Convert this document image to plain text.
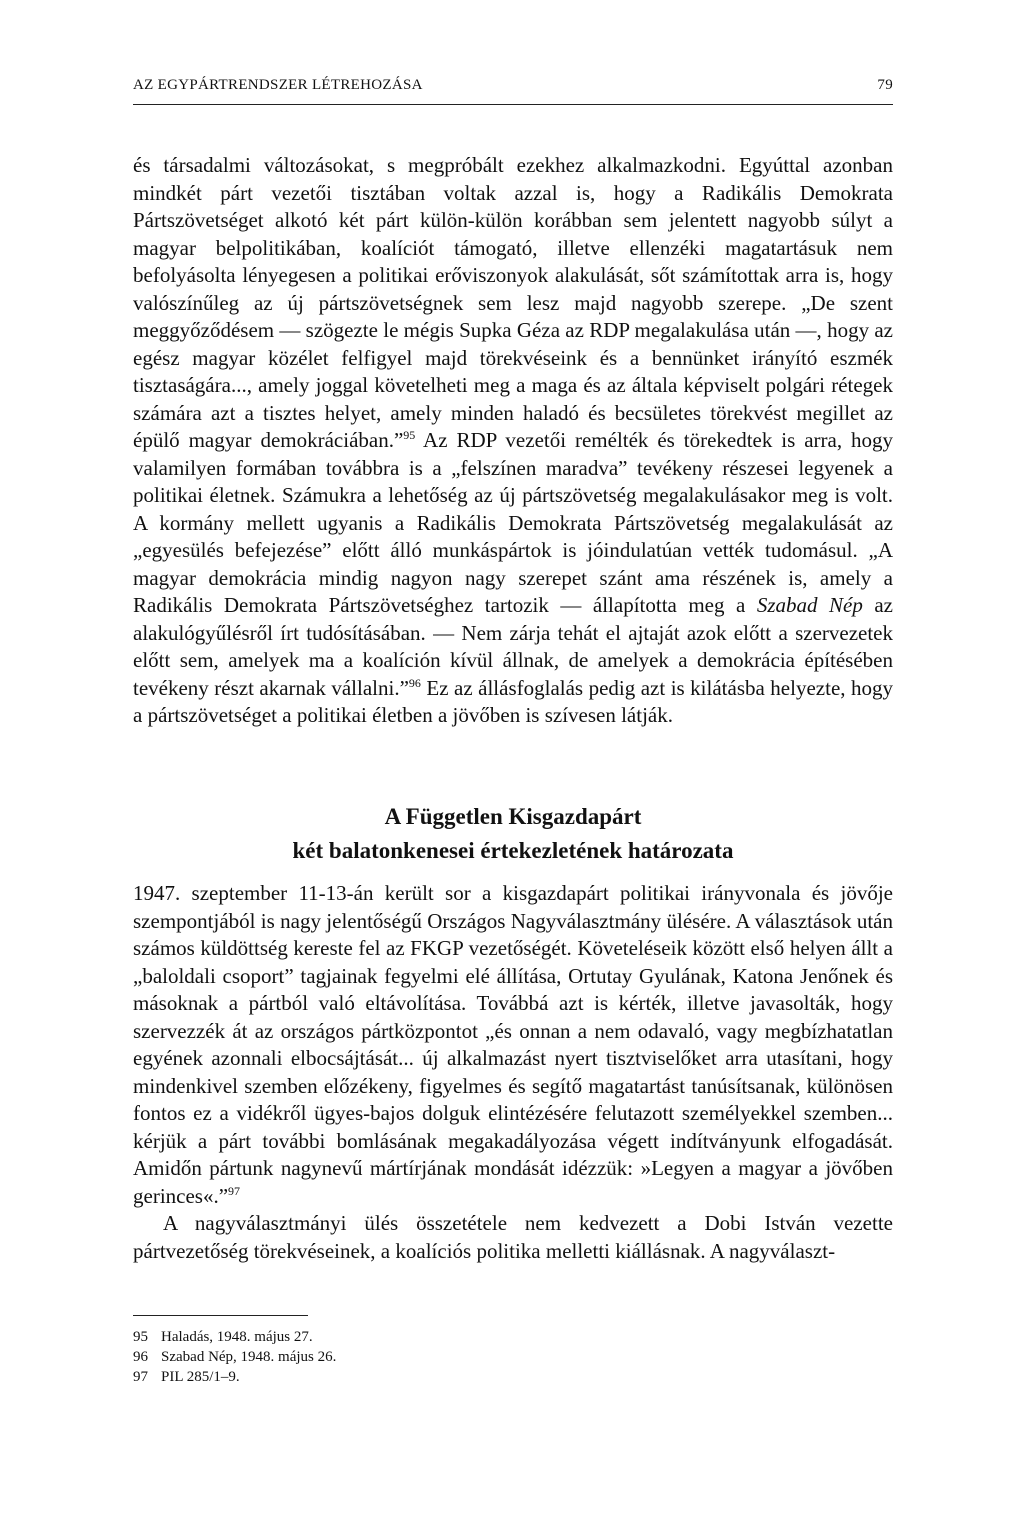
AZ EGYPÁRTRENDSZER LÉTREHOZÁSA	79

és társadalmi változásokat, s megpróbált ezekhez alkalmazkodni. Egyúttal azonban mindkét párt vezetői tisztában voltak azzal is, hogy a Radikális Demokrata Pártszövetséget alkotó két párt külön-külön korábban sem jelentett nagyobb súlyt a magyar belpolitikában, koalíciót támogató, illetve ellenzéki magatartásuk nem befolyásolta lényegesen a politikai erőviszonyok alakulását, sőt számítottak arra is, hogy valószínűleg az új pártszövetségnek sem lesz majd nagyobb szerepe. „De szent meggyőződésem — szögezte le mégis Supka Géza az RDP megalakulása után —, hogy az egész magyar közélet felfigyel majd törekvéseink és a bennünket irányító eszmék tisztaságára..., amely joggal követelheti meg a maga és az általa képviselt polgári rétegek számára azt a tisztes helyet, amely minden haladó és becsületes törekvést megillet az épülő magyar demokráciában.”$^{95}$ Az RDP vezetői remélték és törekedtek is arra, hogy valamilyen formában továbbra is a „felszínen maradva” tevékeny részesei legyenek a politikai életnek. Számukra a lehetőség az új pártszövetség megalakulásakor meg is volt. A kormány mellett ugyanis a Radikális Demokrata Pártszövetség megalakulását az „egyesülés befejezése” előtt álló munkáspártok is jóindulatúan vették tudomásul. „A magyar demokrácia mindig nagyon nagy szerepet szánt ama részének is, amely a Radikális Demokrata Pártszövetséghez tartozik — állapította meg a Szabad Nép az alakulógyűlésről írt tudósításában. — Nem zárja tehát el ajtaját azok előtt a szervezetek előtt sem, amelyek ma a koalíción kívül állnak, de amelyek a demokrácia építésében tevékeny részt akarnak vállalni.”$^{96}$ Ez az állásfoglalás pedig azt is kilátásba helyezte, hogy a pártszövetséget a politikai életben a jövőben is szívesen látják.

A Független Kisgazdapárt
két balatonkenesei értekezletének határozata

1947. szeptember 11-13-án került sor a kisgazdapárt politikai irányvonala és jövője szempontjából is nagy jelentőségű Országos Nagyválasztmány ülésére. A választások után számos küldöttség kereste fel az FKGP vezetőségét. Követeléseik között első helyen állt a „baloldali csoport” tagjainak fegyelmi elé állítása, Ortutay Gyulának, Katona Jenőnek és másoknak a pártból való eltávolítása. Továbbá azt is kérték, illetve javasolták, hogy szervezzék át az országos pártközpontot „és onnan a nem odavaló, vagy megbízhatatlan egyének azonnali elbocsájtását... új alkalmazást nyert tisztviselőket arra utasítani, hogy mindenkivel szemben előzékeny, figyelmes és segítő magatartást tanúsítsanak, különösen fontos ez a vidékről ügyes-bajos dolguk elintézésére felutazott személyekkel szemben... kérjük a párt további bomlásának megakadályozása végett indítványunk elfogadását. Amidőn pártunk nagynevű mártírjának mondását idézzük: »Legyen a magyar a jövőben gerinces«.”$^{97}$

A nagyválasztmányi ülés összetétele nem kedvezett a Dobi István vezette pártvezetőség törekvéseinek, a koalíciós politika melletti kiállásnak. A nagyválaszt-

95 Haladás, 1948. május 27.
96 Szabad Nép, 1948. május 26.
97 PIL 285/1–9.
